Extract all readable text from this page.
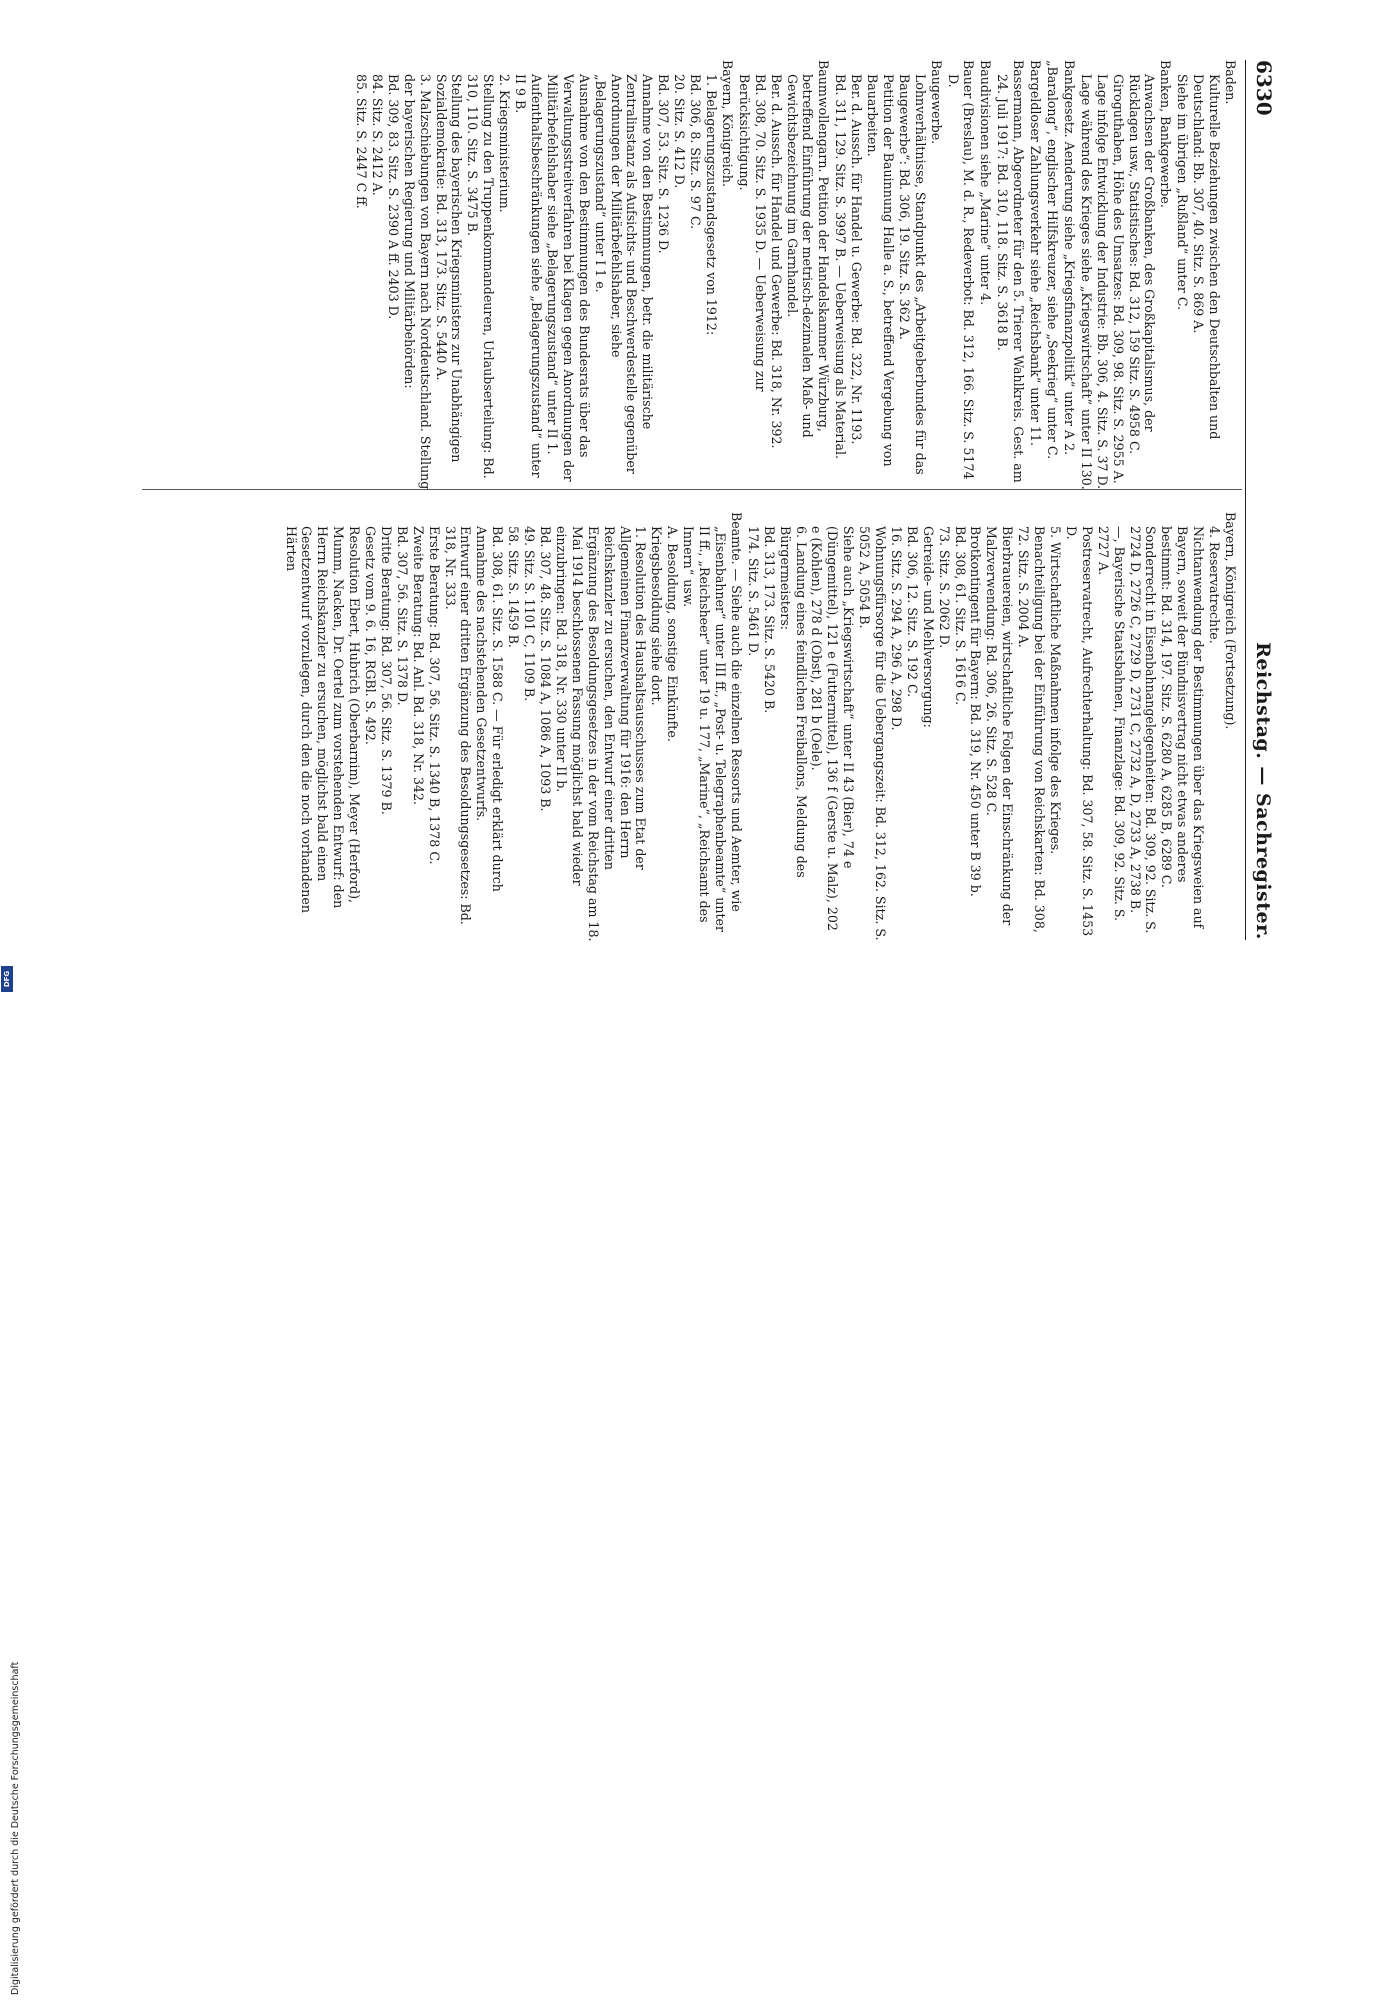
6330
Reichstag. — Sachregister.

Baden.
Kulturelle Beziehungen zwischen den Deutschbalten und Deutschland: Bb. 307, 40. Sitz. S. 869 A.
Siehe im übrigen „Rußland“ unter C.

Banken, Bankgewerbe.
Anwachsen der Großbanken, des Großkapitalismus, der Rücklagen usw., Statistisches: Bd. 312, 159 Sitz. S. 4958 C.
Giroguthaben, Höhe des Umsatzes: Bd. 309, 98. Sitz. S. 2955 A.
Lage infolge Entwicklung der Industrie: Bb. 306, 4. Sitz. S. 37 D.
Lage während des Krieges siehe „Kriegswirtschaft“ unter II 130.

Bankgesetz. Aenderung siehe „Kriegsfinanzpolitik“ unter A 2.

„Baralong“, englischer Hilfskreuzer, siehe „Seekrieg“ unter C.

Bargeldloser Zahlungsverkehr siehe „Reichsbank“ unter 11.

Bassermann, Abgeordneter für den 5. Trierer Wahlkreis. Gest. am 24. Juli 1917: Bd. 310, 118. Sitz. S. 3618 B.

Baudivisionen siehe „Marine“ unter 4.

Bauer (Breslau), M. d. R., Redeverbot: Bd. 312, 166. Sitz. S. 5174 D.

Baugewerbe.
Lohnverhältnisse, Standpunkt des „Arbeitgeberbundes für das Baugewerbe“: Bd. 306, 19. Sitz. S. 362 A.
Petition der Bauinnung Halle a. S., betreffend Vergebung von Bauarbeiten.
Ber. d. Aussch. für Handel u. Gewerbe: Bd. 322, Nr. 1193.
Bd. 311, 129. Sitz. S. 3997 B. — Ueberweisung als Material.

Baumwollengarn. Petition der Handelskammer Würzburg, betreffend Einführung der metrisch-dezimalen Maß- und Gewichtsbezeichnung im Garnhandel.
Ber. d. Aussch. für Handel und Gewerbe: Bd. 318, Nr. 392.
Bd. 308, 70. Sitz. S. 1935 D. — Ueberweisung zur Berücksichtigung.

Bayern, Königreich.
1. Belagerungszustandsgesetz von 1912:
Bd. 306, 8. Sitz. S. 97 C.
20. Sitz. S. 412 D.
Bd. 307, 53. Sitz. S. 1236 D.
Annahme von den Bestimmungen, betr. die militärische Zentralinstanz als Aufsichts- und Beschwerdestelle gegenüber Anordnungen der Militärbefehlshaber, siehe „Belagerungszustand“ unter I 1 e.
Ausnahme von den Bestimmungen des Bundesrats über das Verwaltungsstreitverfahren bei Klagen gegen Anordnungen der Militärbefehlshaber siehe „Belagerungszustand“ unter II 1.
Aufenthaltsbeschränkungen siehe „Belagerungszustand“ unter II 9 B.
2. Kriegsministerium.
Stellung zu den Truppenkommandeuren, Urlaubserteilung: Bd. 310, 110. Sitz. S. 3475 B.
Stellung des bayerischen Kriegsministers zur Unabhängigen Sozialdemokratie: Bd. 313, 173. Sitz. S. 5440 A.
3. Malzschiebungen von Bayern nach Norddeutschland. Stellung der bayerischen Regierung und Militärbehörden:
Bd. 309, 83. Sitz. S. 2390 A ff. 2403 D.
84. Sitz. S. 2412 A.
85. Sitz. S. 2447 C ff.

Bayern, Königreich (Fortsetzung).
4. Reservatrechte.
Nichtanwendung der Bestimmungen über das Kriegsweien auf Bayern, soweit der Bündnisvertrag nicht etwas anderes bestimmt: Bd. 314, 197. Sitz. S. 6280 A, 6285 B, 6289 C.
Sonderrecht in Eisenbahnangelegenheiten: Bd. 309, 92. Sitz. S. 2724 D, 2726 C, 2729 D, 2731 C, 2732 A, D, 2733 A, 2738 B.
—, Bayerische Staatsbahnen, Finanzlage: Bd. 309, 92. Sitz. S. 2727 A.
Postreservatrecht, Aufrechterhaltung: Bd. 307, 58. Sitz. S. 1453 D.
5. Wirtschaftliche Maßnahmen infolge des Krieges.
Benachteiligung bei der Einführung von Reichskarten: Bd. 308, 72. Sitz. S. 2004 A.
Bierbrauereien, wirtschaftliche Folgen der Einschränkung der Malzverwendung: Bd. 306, 26. Sitz. S. 528 C.
Brotkontingent für Bayern: Bd. 319, Nr. 450 unter B 39 b.
Bd. 308, 61. Sitz. S. 1616 C.
73. Sitz. S. 2062 D.
Getreide- und Mehlversorgung:
Bd. 306, 12. Sitz. S. 192 C.
16. Sitz. S. 294 A, 296 A, 298 D.
Wohnungsfürsorge für die Uebergangszeit: Bd. 312, 162. Sitz. S. 5052 A, 5054 B.
Siehe auch „Kriegswirtschaft“ unter II 43 (Bier), 74 e (Düngemittel), 121 e (Futtermittel), 136 f (Gerste u. Malz), 202 e (Kohlen), 278 d (Obst), 281 b (Oele).
6. Landung eines feindlichen Freiballons, Meldung des Bürgermeisters:
Bd. 313, 173. Sitz. S. 5420 B.
174. Sitz. S. 5461 D.

Beamte. — Siehe auch die einzelnen Ressorts und Aemter, wie „Eisenbahner“ unter III ff., „Post- u. Telegraphenbeamte“ unter II ff., „Reichsheer“ unter 19 u. 177, „Marine“, „Reichsamt des Innern“ usw.
A. Besoldung, sonstige Einkünfte.
Kriegsbesoldung siehe dort.
1. Resolution des Haushaltsausschusses zum Etat der Allgemeinen Finanzverwaltung für 1916: den Herrn Reichskanzler zu ersuchen, den Entwurf einer dritten Ergänzung des Besoldungsgesetzes in der vom Reichstag am 18. Mai 1914 beschlossenen Fassung möglichst bald wieder einzubringen: Bd. 318, Nr. 330 unter II b.
Bd. 307, 48. Sitz. S. 1084 A, 1086 A, 1093 B.
49. Sitz. S. 1101 C, 1109 B.
58. Sitz. S. 1459 B.
Bd. 308, 61. Sitz. S. 1588 C. — Für erledigt erklärt durch Annahme des nachstehenden Gesetzentwurfs.
Entwurf einer dritten Ergänzung des Besoldungsgesetzes: Bd. 318, Nr. 333.
Erste Beratung: Bd. 307, 56. Sitz. S. 1340 B, 1378 C.
Zweite Beratung: Bd. Anl. Bd. 318, Nr. 342.
Bd. 307, 56. Sitz. S. 1378 D.
Dritte Beratung: Bd. 307, 56. Sitz. S. 1379 B.
Gesetz vom 9. 6. 16, RGBl. S. 492.
Resolution Ebert, Hubrich (Oberbarnim), Meyer (Herford), Mumm, Nacken, Dr. Oertel zum vorstehenden Entwurf: den Herrn Reichskanzler zu ersuchen, möglichst bald einen Gesetzentwurf vorzulegen, durch den die noch vorhandenen Härten

Digitalisierung gefördert durch die Deutsche Forschungsgemeinschaft
DFG
